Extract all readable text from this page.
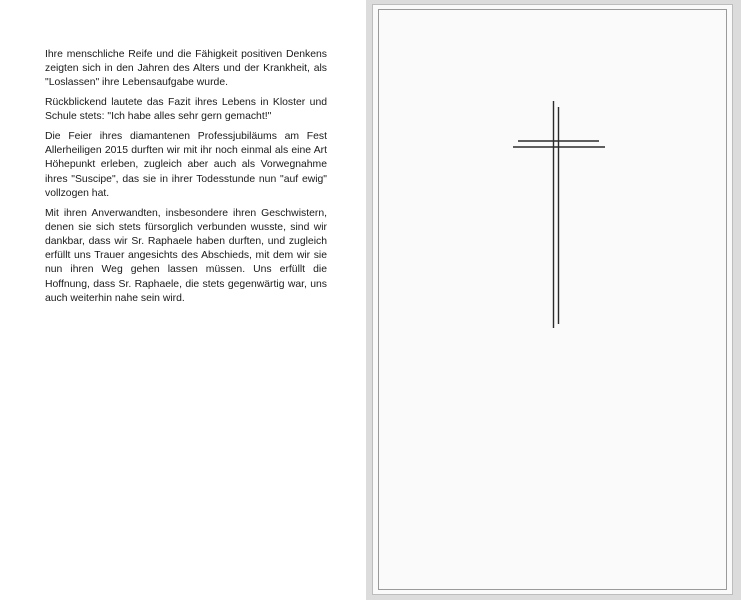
Ihre menschliche Reife und die Fähigkeit positiven Denkens zeigten sich in den Jahren des Alters und der Krankheit, als "Loslassen" ihre Lebensaufgabe wurde.

Rückblickend lautete das Fazit ihres Lebens in Kloster und Schule stets: "Ich habe alles sehr gern gemacht!"

Die Feier ihres diamantenen Professjubiläums am Fest Allerheiligen 2015 durften wir mit ihr noch einmal als eine Art Höhepunkt erleben, zugleich aber auch als Vorwegnahme ihres "Suscipe", das sie in ihrer Todesstunde nun "auf ewig" vollzogen hat.

Mit ihren Anverwandten, insbesondere ihren Geschwistern, denen sie sich stets fürsorglich verbunden wusste, sind wir dankbar, dass wir Sr. Raphaele haben durften, und zugleich erfüllt uns Trauer angesichts des Abschieds, mit dem wir sie nun ihren Weg gehen lassen müssen. Uns erfüllt die Hoffnung, dass Sr. Raphaele, die stets gegenwärtig war, uns auch weiterhin nahe sein wird.
